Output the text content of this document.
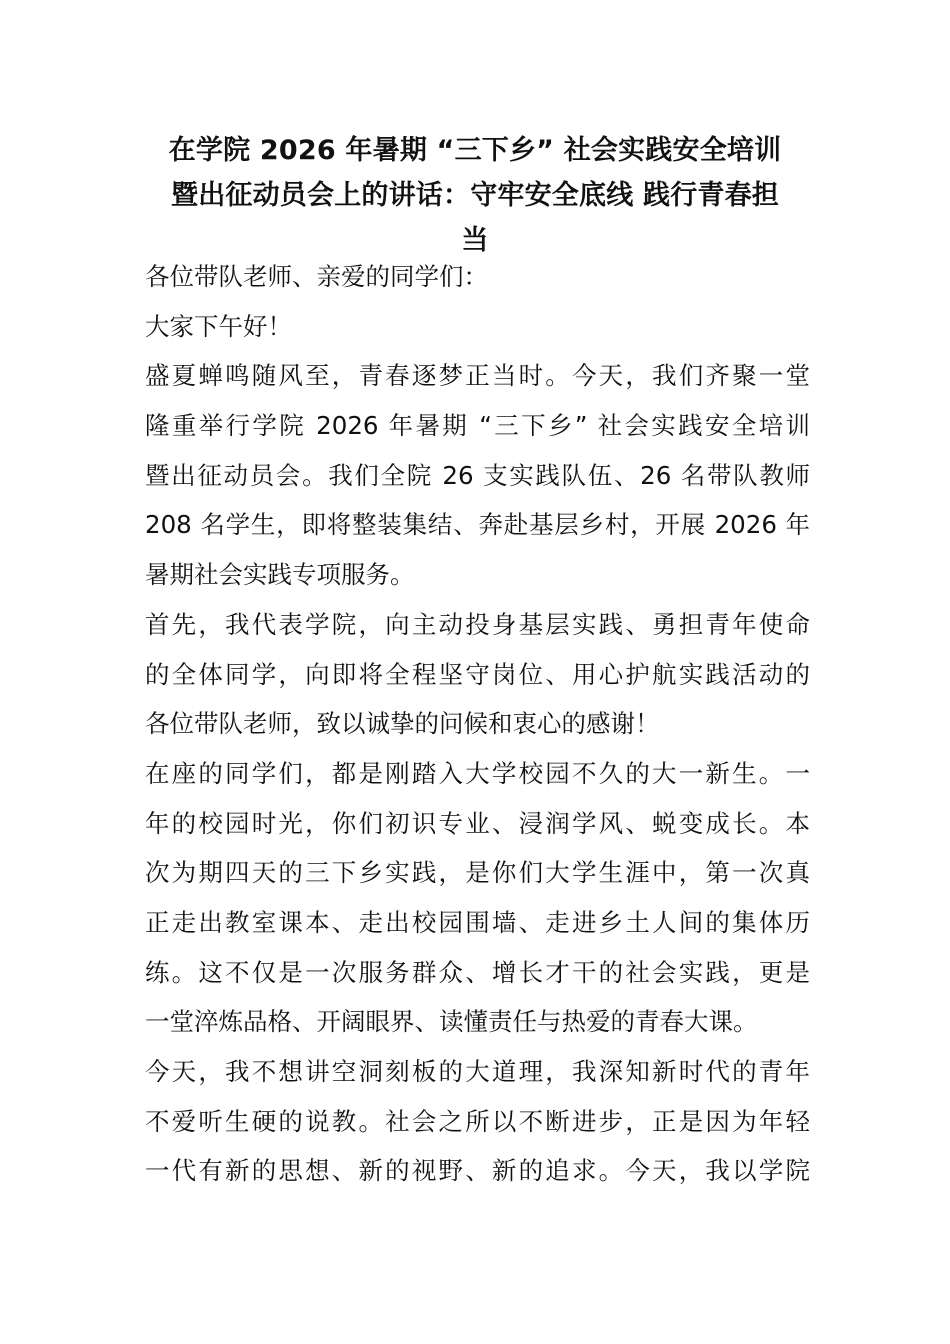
在学院 2026 年暑期 “三下乡” 社会实践安全培训
暨出征动员会上的讲话：守牢安全底线 践行青春担
当
各位带队老师、亲爱的同学们：
大家下午好！
盛夏蝉鸣随风至，青春逐梦正当时。今天，我们齐聚一堂
隆重举行学院 2026 年暑期 “三下乡” 社会实践安全培训
暨出征动员会。我们全院 26 支实践队伍、26 名带队教师
208 名学生，即将整装集结、奔赴基层乡村，开展 2026 年
暑期社会实践专项服务。
首先，我代表学院，向主动投身基层实践、勇担青年使命
的全体同学，向即将全程坚守岗位、用心护航实践活动的
各位带队老师，致以诚挚的问候和衷心的感谢！
在座的同学们，都是刚踏入大学校园不久的大一新生。一
年的校园时光，你们初识专业、浸润学风、蜕变成长。本
次为期四天的三下乡实践，是你们大学生涯中，第一次真
正走出教室课本、走出校园围墙、走进乡土人间的集体历
练。这不仅是一次服务群众、增长才干的社会实践，更是
一堂淬炼品格、开阔眼界、读懂责任与热爱的青春大课。
今天，我不想讲空洞刻板的大道理，我深知新时代的青年
不爱听生硬的说教。社会之所以不断进步，正是因为年轻
一代有新的思想、新的视野、新的追求。今天，我以学院
